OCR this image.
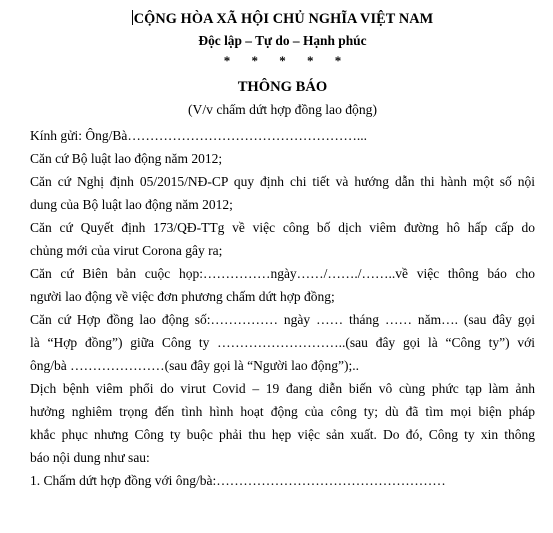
CỘNG HÒA XÃ HỘI CHỦ NGHĨA VIỆT NAM
Độc lập – Tự do – Hạnh phúc
* * * * *
THÔNG BÁO
(V/v chấm dứt hợp đồng lao động)
Kính gửi: Ông/Bà……………………………………………...
Căn cứ Bộ luật lao động năm 2012;
Căn cứ Nghị định 05/2015/NĐ-CP quy định chi tiết và hướng dẫn thi hành một số nội
dung của Bộ luật lao động năm 2012;
Căn cứ Quyết định 173/QĐ-TTg về việc công bố dịch viêm đường hô hấp cấp do
chủng mới của virut Corona gây ra;
Căn cứ Biên bản cuộc họp:……………ngày……/……./……..về việc thông báo cho
người lao động về việc đơn phương chấm dứt hợp đồng;
Căn cứ Hợp đồng lao động số:…………… ngày …… tháng …… năm…. (sau đây gọi
là “Hợp đồng”) giữa Công ty ………………………..(sau đây gọi là “Công ty”) với
ông/bà …………………(sau đây gọi là “Người lao động”);..
Dịch bệnh viêm phổi do virut Covid – 19 đang diễn biến vô cùng phức tạp làm ảnh
hưởng nghiêm trọng đến tình hình hoạt động của công ty; dù đã tìm mọi biện pháp
khắc phục nhưng Công ty buộc phải thu hẹp việc sản xuất. Do đó, Công ty xin thông
báo nội dung như sau:
1. Chấm dứt hợp đồng với ông/bà:……………………………………………
